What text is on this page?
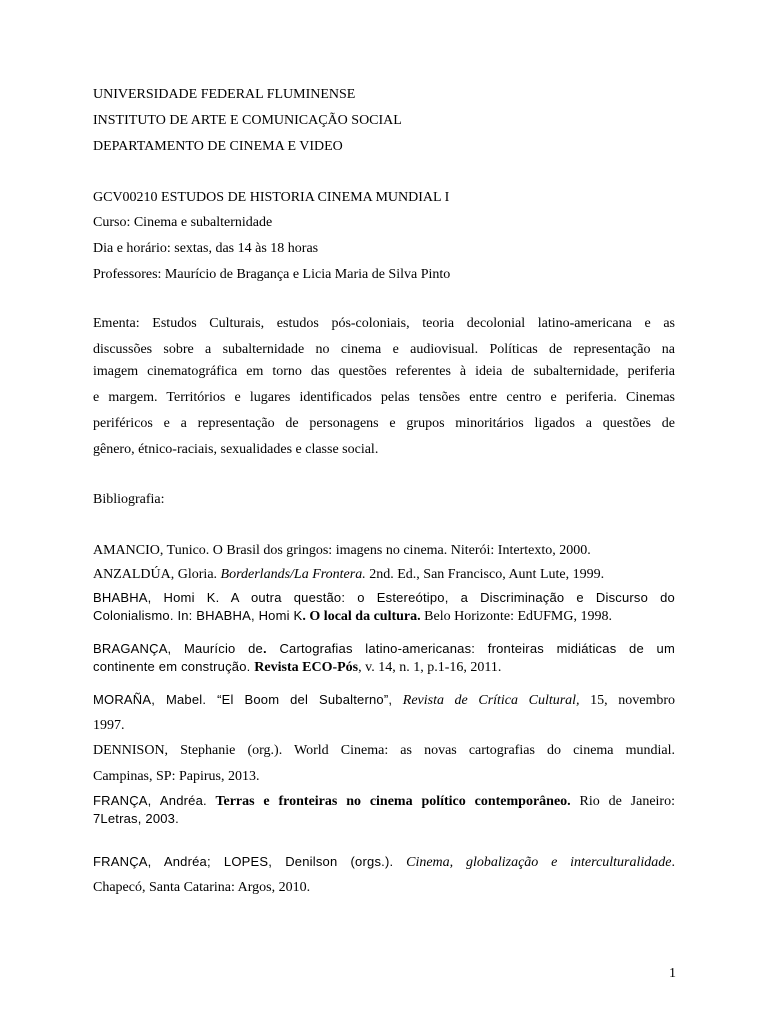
UNIVERSIDADE FEDERAL FLUMINENSE
INSTITUTO DE ARTE E COMUNICAÇÃO SOCIAL
DEPARTAMENTO DE CINEMA E VIDEO
GCV00210 ESTUDOS DE HISTORIA CINEMA MUNDIAL I
Curso: Cinema e subalternidade
Dia e horário: sextas, das 14 às 18 horas
Professores: Maurício de Bragança e Licia Maria de Silva Pinto
Ementa: Estudos Culturais, estudos pós-coloniais, teoria decolonial latino-americana e as
discussões sobre a subalternidade no cinema e audiovisual. Políticas de representação na
imagem cinematográfica em torno das questões referentes à ideia de subalternidade, periferia
e margem. Territórios e lugares identificados pelas tensões entre centro e periferia. Cinemas
periféricos e a representação de personagens e grupos minoritários ligados a questões de
gênero, étnico-raciais, sexualidades e classe social.
Bibliografia:
AMANCIO, Tunico. O Brasil dos gringos: imagens no cinema. Niterói: Intertexto, 2000.
ANZALDÚA, Gloria. Borderlands/La Frontera. 2nd. Ed., San Francisco, Aunt Lute, 1999.
BHABHA, Homi K. A outra questão: o Estereótipo, a Discriminação e Discurso do
Colonialismo. In: BHABHA, Homi K. O local da cultura. Belo Horizonte: EdUFMG, 1998.
BRAGANÇA, Maurício de. Cartografias latino-americanas: fronteiras midiáticas de um
continente em construção. Revista ECO-Pós, v. 14, n. 1, p.1-16, 2011.
MORAÑA, Mabel. “El Boom del Subalterno”, Revista de Crítica Cultural, 15, novembro
1997.
DENNISON, Stephanie (org.). World Cinema: as novas cartografias do cinema mundial.
Campinas, SP: Papirus, 2013.
FRANÇA, Andréa. Terras e fronteiras no cinema político contemporâneo. Rio de Janeiro:
7Letras, 2003.
FRANÇA, Andréa; LOPES, Denilson (orgs.). Cinema, globalização e interculturalidade.
Chapecó, Santa Catarina: Argos, 2010.
1
